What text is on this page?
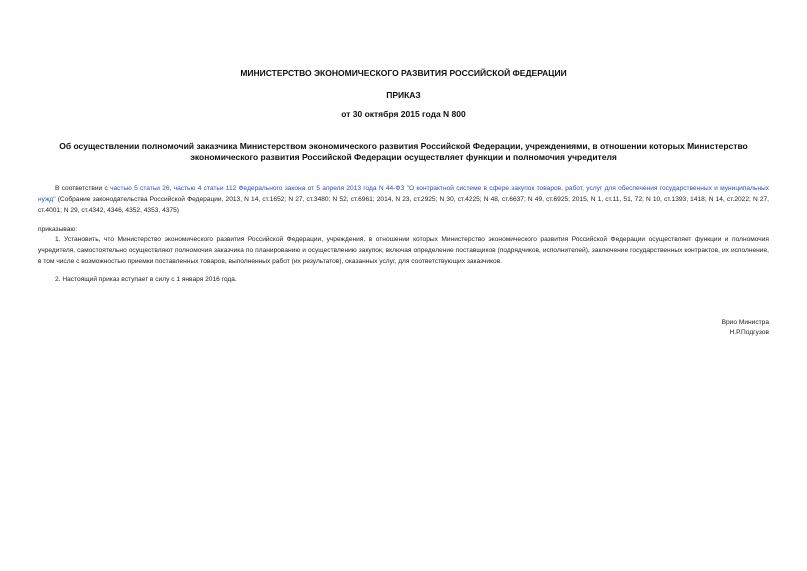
МИНИСТЕРСТВО ЭКОНОМИЧЕСКОГО РАЗВИТИЯ РОССИЙСКОЙ ФЕДЕРАЦИИ
ПРИКАЗ
от 30 октября 2015 года N 800
Об осуществлении полномочий заказчика Министерством экономического развития Российской Федерации, учреждениями, в отношении которых Министерство экономического развития Российской Федерации осуществляет функции и полномочия учредителя
В соответствии с частью 5 статьи 26, частью 4 статьи 112 Федерального закона от 5 апреля 2013 года N 44-ФЗ "О контрактной системе в сфере закупок товаров, работ, услуг для обеспечения государственных и муниципальных нужд" (Собрание законодательства Российской Федерации, 2013, N 14, ст.1652; N 27, ст.3480; N 52, ст.6961; 2014, N 23, ст.2925; N 30, ст.4225; N 48, ст.6637; N 49, ст.6925; 2015, N 1, ст.11, 51, 72; N 10, ст.1393, 1418; N 14, ст.2022; N 27, ст.4001; N 29, ст.4342, 4346, 4352, 4353, 4375)
приказываю:
1. Установить, что Министерство экономического развития Российской Федерации, учреждения, в отношении которых Министерство экономического развития Российской Федерации осуществляет функции и полномочия учредителя, самостоятельно осуществляют полномочия заказчика по планированию и осуществлению закупок, включая определение поставщиков (подрядчиков, исполнителей), заключение государственных контрактов, их исполнение, в том числе с возможностью приемки поставленных товаров, выполненных работ (их результатов), оказанных услуг, для соответствующих заказчиков.
2. Настоящий приказ вступает в силу с 1 января 2016 года.
Врио Министра
Н.Р.Подгузов
